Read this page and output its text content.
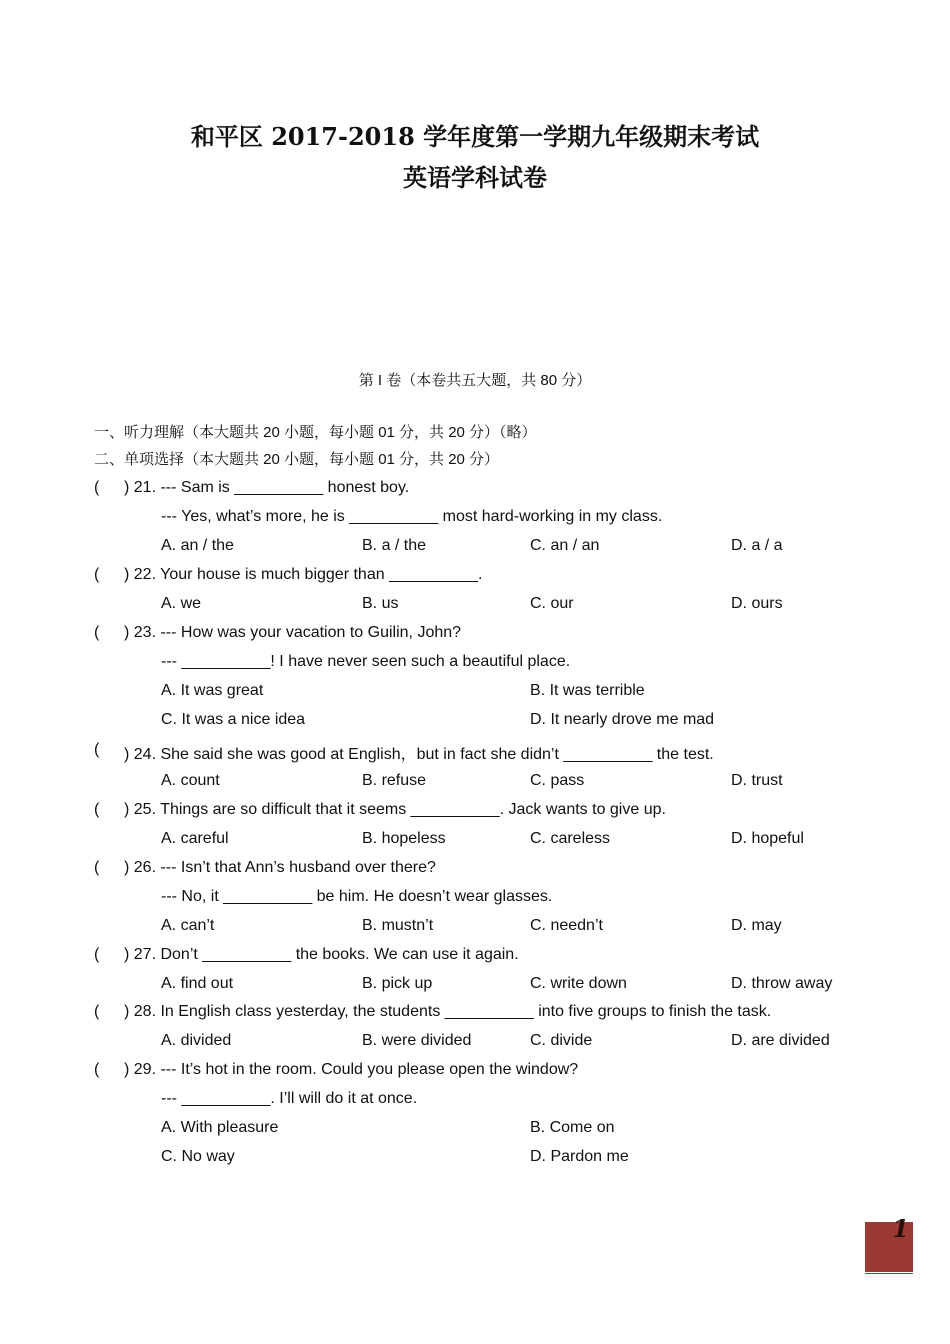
和平区 2017-2018 学年度第一学期九年级期末考试
英语学科试卷
第 I 卷（本卷共五大题，共 80 分）
一、听力理解（本大题共 20 小题，每小题 01 分，共 20 分）（略）
二、单项选择（本大题共 20 小题，每小题 01 分，共 20 分）
( ) 21. --- Sam is __________ honest boy.
--- Yes, what’s more, he is __________ most hard-working in my class.
A. an / the	B. a / the	C. an / an	D. a / a
( ) 22. Your house is much bigger than __________.
A. we	B. us	C. our	D. ours
( ) 23. --- How was your vacation to Guilin, John?
--- __________! I have never seen such a beautiful place.
A. It was great	B. It was terrible
C. It was a nice idea	D. It nearly drove me mad
( ) 24. She said she was good at English，but in fact she didn’t __________ the test.
A. count	B. refuse	C. pass	D. trust
( ) 25. Things are so difficult that it seems __________. Jack wants to give up.
A. careful	B. hopeless	C. careless	D. hopeful
( ) 26. --- Isn’t that Ann’s husband over there?
--- No, it __________ be him. He doesn’t wear glasses.
A. can’t	B. mustn’t	C. needn’t	D. may
( ) 27. Don’t __________ the books. We can use it again.
A. find out	B. pick up	C. write down	D. throw away
( ) 28. In English class yesterday, the students __________ into five groups to finish the task.
A. divided	B. were divided	C. divide	D. are divided
( ) 29. --- It’s hot in the room. Could you please open the window?
--- __________. I’ll will do it at once.
A. With pleasure	B. Come on
C. No way	D. Pardon me
1
